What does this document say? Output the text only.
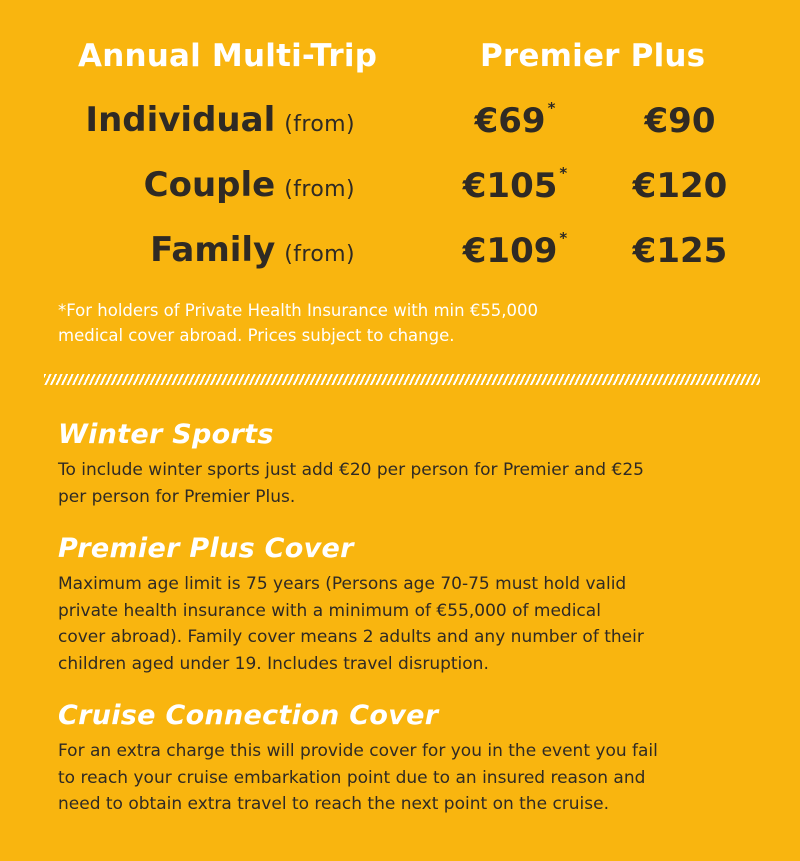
Annual Multi-Trip	Premier Plus
Individual (from)	€69 *	€90
Couple (from)	€105 *	€120
Family (from)	€109 *	€125

*For holders of Private Health Insurance with min €55,000

medical cover abroad. Prices subject to change.

Winter Sports

To include winter sports just add €20 per person for Premier and €25

per person for Premier Plus.

Premier Plus Cover

Maximum age limit is 75 years (Persons age 70-75 must hold valid

private health insurance with a minimum of €55,000 of medical

cover abroad). Family cover means 2 adults and any number of their

children aged under 19. Includes travel disruption.

Cruise Connection Cover

For an extra charge this will provide cover for you in the event you fail

to reach your cruise embarkation point due to an insured reason and

need to obtain extra travel to reach the next point on the cruise.
